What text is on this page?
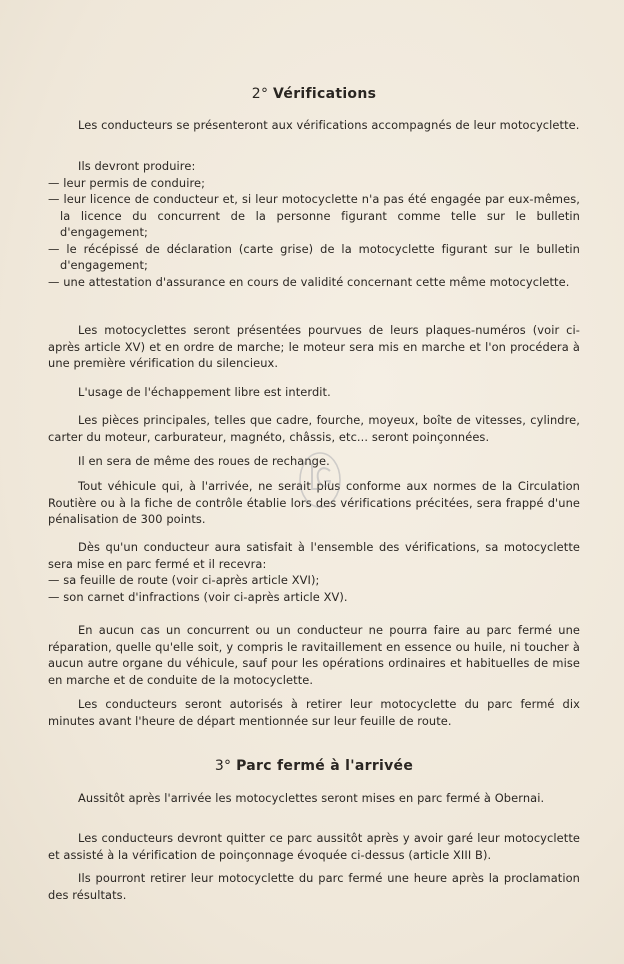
2° Vérifications

Les conducteurs se présenteront aux vérifications accompagnés de leur motocyclette.

Ils devront produire:

— leur permis de conduire;

— leur licence de conducteur et, si leur motocyclette n'a pas été engagée par eux-mêmes, la licence du concurrent de la personne figurant comme telle sur le bulletin d'engagement;

— le récépissé de déclaration (carte grise) de la motocyclette figurant sur le bulletin d'engagement;

— une attestation d'assurance en cours de validité concernant cette même motocyclette.

Les motocyclettes seront présentées pourvues de leurs plaques-numéros (voir ci-après article XV) et en ordre de marche; le moteur sera mis en marche et l'on procédera à une première vérification du silencieux.

L'usage de l'échappement libre est interdit.

Les pièces principales, telles que cadre, fourche, moyeux, boîte de vitesses, cylindre, carter du moteur, carburateur, magnéto, châssis, etc... seront poinçonnées.

Il en sera de même des roues de rechange.

Tout véhicule qui, à l'arrivée, ne serait plus conforme aux normes de la Circulation Routière ou à la fiche de contrôle établie lors des vérifications précitées, sera frappé d'une pénalisation de 300 points.

Dès qu'un conducteur aura satisfait à l'ensemble des vérifications, sa motocyclette sera mise en parc fermé et il recevra:

— sa feuille de route (voir ci-après article XVI);

— son carnet d'infractions (voir ci-après article XV).

En aucun cas un concurrent ou un conducteur ne pourra faire au parc fermé une réparation, quelle qu'elle soit, y compris le ravitaillement en essence ou huile, ni toucher à aucun autre organe du véhicule, sauf pour les opérations ordinaires et habituelles de mise en marche et de conduite de la motocyclette.

Les conducteurs seront autorisés à retirer leur motocyclette du parc fermé dix minutes avant l'heure de départ mentionnée sur leur feuille de route.

3° Parc fermé à l'arrivée

Aussitôt après l'arrivée les motocyclettes seront mises en parc fermé à Obernai.

Les conducteurs devront quitter ce parc aussitôt après y avoir garé leur motocyclette et assisté à la vérification de poinçonnage évoquée ci-dessus (article XIII B).

Ils pourront retirer leur motocyclette du parc fermé une heure après la proclamation des résultats.
